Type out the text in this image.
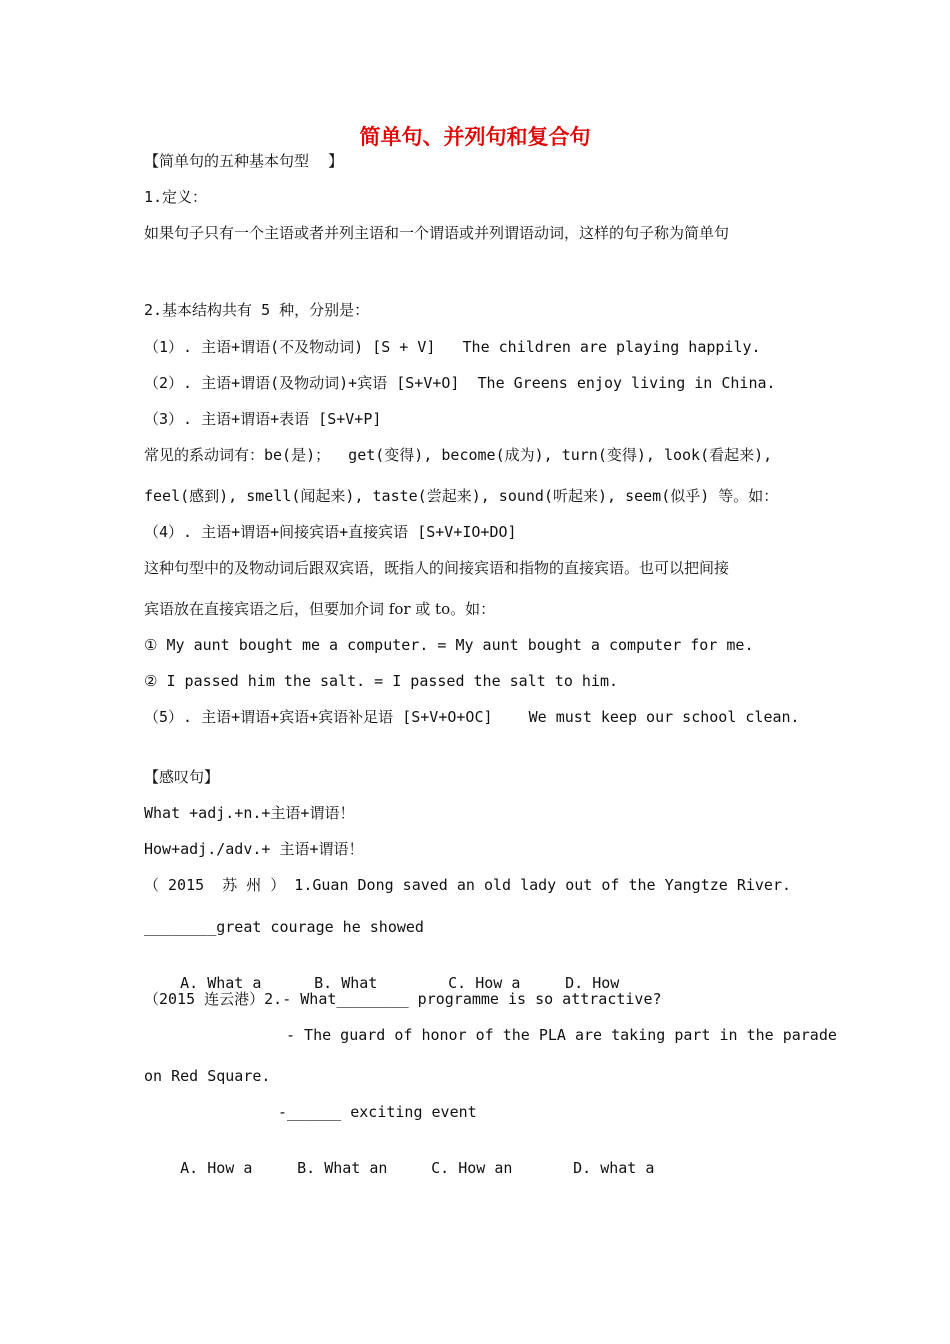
简单句、并列句和复合句
【简单句的五种基本句型    】
1.定义：
如果句子只有一个主语或者并列主语和一个谓语或并列谓语动词，这样的句子称为简单句
2.基本结构共有 5 种，分别是：
（1）. 主语+谓语(不及物动词) [S + V]   The children are playing happily.
（2）. 主语+谓语(及物动词)+宾语 [S+V+O]  The Greens enjoy living in China.
（3）. 主语+谓语+表语 [S+V+P]
常见的系动词有：be(是)；  get(变得), become(成为), turn(变得), look(看起来),
feel(感到), smell(闻起来), taste(尝起来), sound(听起来), seem(似乎) 等。如：
（4）. 主语+谓语+间接宾语+直接宾语 [S+V+IO+DO]
这种句型中的及物动词后跟双宾语，既指人的间接宾语和指物的直接宾语。也可以把间接
宾语放在直接宾语之后，但要加介词 for 或 to。如：
① My aunt bought me a computer. = My aunt bought a computer for me.
② I passed him the salt. = I passed the salt to him.
（5）. 主语+谓语+宾语+宾语补足语 [S+V+O+OC]    We must keep our school clean.
【感叹句】
What +adj.+n.+主语+谓语！
How+adj./adv.+ 主语+谓语！
（ 2015  苏 州 ） 1.Guan Dong saved an old lady out of the Yangtze River.
________great courage he showed

A. What a	B. What	C. How a	D. How

（2015 连云港）2.- What________ programme is so attractive?
- The guard of honor of the PLA are taking part in the parade
on Red Square.
-______ exciting event

A. How a	B. What an	C. How an	D. what a
